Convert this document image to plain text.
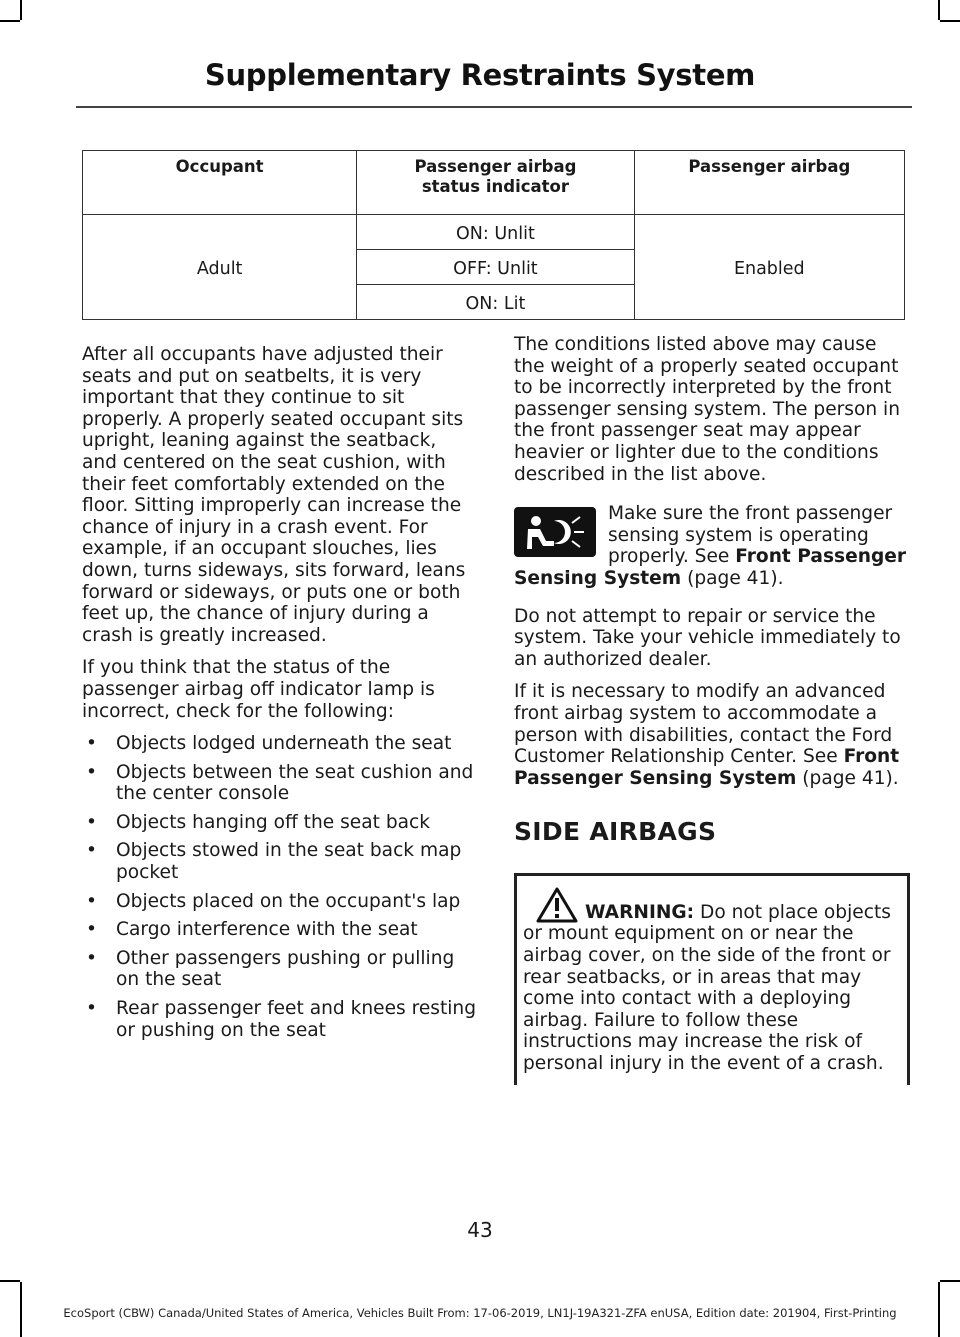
Supplementary Restraints System
Occupant	Passenger airbag status indicator	Passenger airbag
Adult	ON: Unlit	Enabled
	OFF: Unlit	
	ON: Lit	

After all occupants have adjusted their seats and put on seatbelts, it is very important that they continue to sit properly. A properly seated occupant sits upright, leaning against the seatback, and centered on the seat cushion, with their feet comfortably extended on the floor. Sitting improperly can increase the chance of injury in a crash event. For example, if an occupant slouches, lies down, turns sideways, sits forward, leans forward or sideways, or puts one or both feet up, the chance of injury during a crash is greatly increased.

If you think that the status of the passenger airbag off indicator lamp is incorrect, check for the following:

• Objects lodged underneath the seat
• Objects between the seat cushion and the center console
• Objects hanging off the seat back
• Objects stowed in the seat back map pocket
• Objects placed on the occupant's lap
• Cargo interference with the seat
• Other passengers pushing or pulling on the seat
• Rear passenger feet and knees resting or pushing on the seat

The conditions listed above may cause the weight of a properly seated occupant to be incorrectly interpreted by the front passenger sensing system. The person in the front passenger seat may appear heavier or lighter due to the conditions described in the list above.

Make sure the front passenger sensing system is operating properly. See Front Passenger Sensing System (page 41).

Do not attempt to repair or service the system. Take your vehicle immediately to an authorized dealer.

If it is necessary to modify an advanced front airbag system to accommodate a person with disabilities, contact the Ford Customer Relationship Center. See Front Passenger Sensing System (page 41).

SIDE AIRBAGS
WARNING: Do not place objects or mount equipment on or near the airbag cover, on the side of the front or rear seatbacks, or in areas that may come into contact with a deploying airbag. Failure to follow these instructions may increase the risk of personal injury in the event of a crash.
43
EcoSport (CBW) Canada/United States of America, Vehicles Built From: 17-06-2019, LN1J-19A321-ZFA enUSA, Edition date: 201904, First-Printing
